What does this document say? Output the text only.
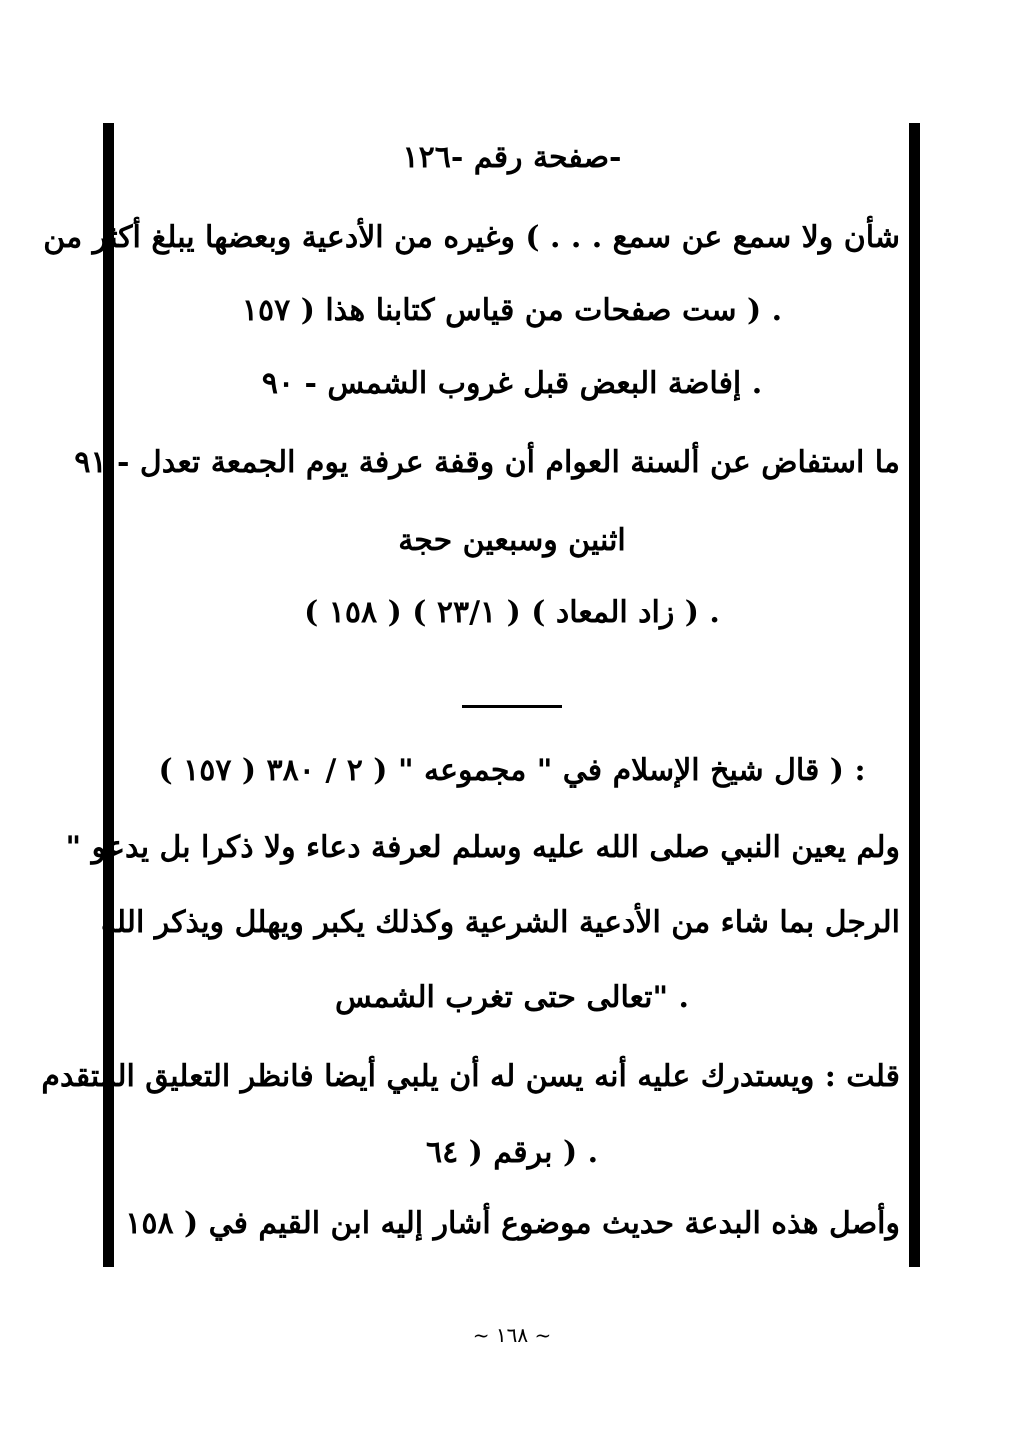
-صفحة رقم -١٢٦
شأن ولا سمع عن سمع . . . ) وغيره من الأدعية وبعضها يبلغ أكثر من
. ( ست صفحات من قياس كتابنا هذا ( ١٥٧
. إفاضة البعض قبل غروب الشمس - ٩٠
ما استفاض عن ألسنة العوام أن وقفة عرفة يوم الجمعة تعدل - ٩١
اثنين وسبعين حجة
. ( زاد المعاد ) ( ٢٣/١ ) ( ١٥٨ )
: ( قال شيخ الإسلام في " مجموعه " ( ٢ / ٣٨٠ ( ١٥٧ )
ولم يعين النبي صلى الله عليه وسلم لعرفة دعاء ولا ذكرا بل يدعو "
الرجل بما شاء من الأدعية الشرعية وكذلك يكبر ويهلل ويذكر الله
. "تعالى حتى تغرب الشمس
قلت : ويستدرك عليه أنه يسن له أن يلبي أيضا فانظر التعليق المتقدم
. ( برقم ( ٦٤
وأصل هذه البدعة حديث موضوع أشار إليه ابن القيم في ( ١٥٨ )
~ ١٦٨ ~
